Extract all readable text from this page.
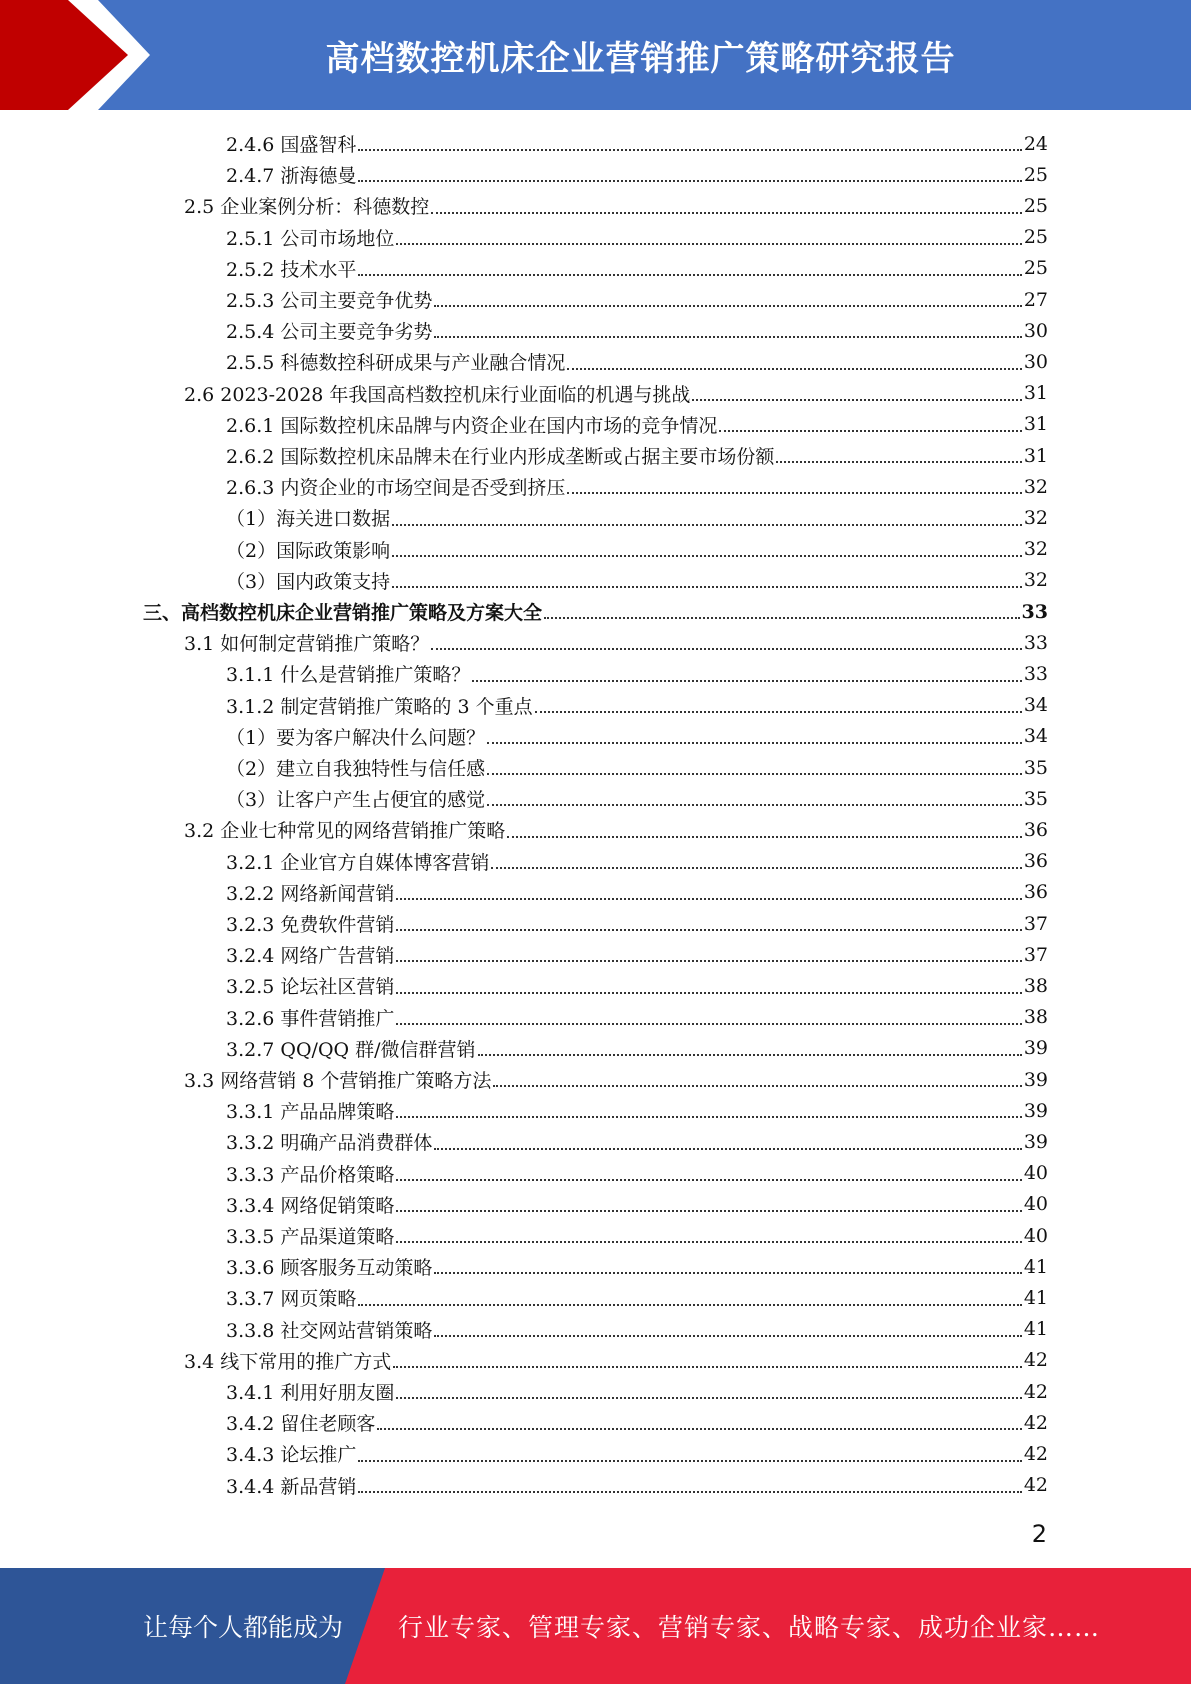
高档数控机床企业营销推广策略研究报告
2.4.6 国盛智科	24
2.4.7 浙海德曼	25
2.5 企业案例分析：科德数控	25
2.5.1 公司市场地位	25
2.5.2 技术水平	25
2.5.3 公司主要竞争优势	27
2.5.4 公司主要竞争劣势	30
2.5.5 科德数控科研成果与产业融合情况	30
2.6 2023-2028 年我国高档数控机床行业面临的机遇与挑战	31
2.6.1 国际数控机床品牌与内资企业在国内市场的竞争情况	31
2.6.2 国际数控机床品牌未在行业内形成垄断或占据主要市场份额	31
2.6.3 内资企业的市场空间是否受到挤压	32
（1）海关进口数据	32
（2）国际政策影响	32
（3）国内政策支持	32
三、高档数控机床企业营销推广策略及方案大全	33
3.1 如何制定营销推广策略？	33
3.1.1 什么是营销推广策略？	33
3.1.2 制定营销推广策略的 3 个重点	34
（1）要为客户解决什么问题？	34
（2）建立自我独特性与信任感	35
（3）让客户产生占便宜的感觉	35
3.2 企业七种常见的网络营销推广策略	36
3.2.1 企业官方自媒体博客营销	36
3.2.2 网络新闻营销	36
3.2.3 免费软件营销	37
3.2.4 网络广告营销	37
3.2.5 论坛社区营销	38
3.2.6 事件营销推广	38
3.2.7 QQ/QQ 群/微信群营销	39
3.3 网络营销 8 个营销推广策略方法	39
3.3.1 产品品牌策略	39
3.3.2 明确产品消费群体	39
3.3.3 产品价格策略	40
3.3.4 网络促销策略	40
3.3.5 产品渠道策略	40
3.3.6 顾客服务互动策略	41
3.3.7 网页策略	41
3.3.8 社交网站营销策略	41
3.4 线下常用的推广方式	42
3.4.1 利用好朋友圈	42
3.4.2 留住老顾客	42
3.4.3 论坛推广	42
3.4.4 新品营销	42
2
让每个人都能成为 行业专家、管理专家、营销专家、战略专家、成功企业家……
